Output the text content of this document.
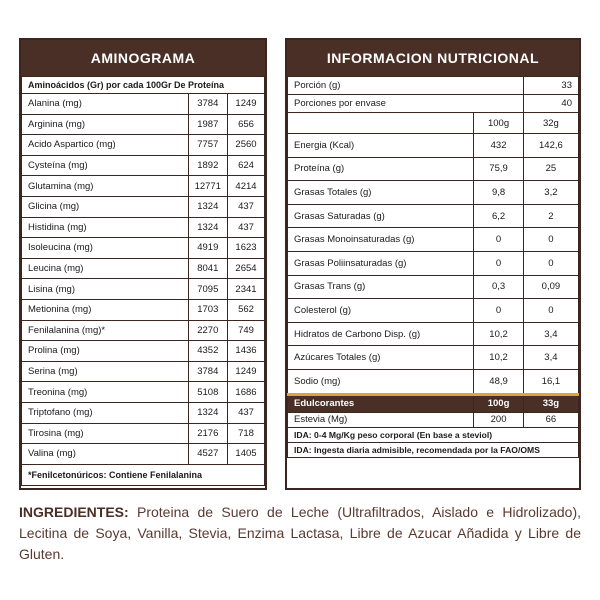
AMINOGRAMA
Aminoácidos (Gr) por cada 100Gr De Proteína		
Alanina (mg)	3784	1249
Arginina (mg)	1987	656
Acido Aspartico (mg)	7757	2560
Cysteína (mg)	1892	624
Glutamina (mg)	12771	4214
Glicina (mg)	1324	437
Histidina (mg)	1324	437
Isoleucina (mg)	4919	1623
Leucina (mg)	8041	2654
Lisina (mg)	7095	2341
Metionina (mg)	1703	562
Fenilalanina (mg)*	2270	749
Prolina (mg)	4352	1436
Serina (mg)	3784	1249
Treonina (mg)	5108	1686
Triptofano (mg)	1324	437
Tirosina (mg)	2176	718
Valina (mg)	4527	1405
*Fenilcetonúricos: Contiene Fenilalanina		
INFORMACION NUTRICIONAL
Porción (g)		33
Porciones por envase		40
	100g	32g
Energia (Kcal)	432	142,6
Proteína (g)	75,9	25
Grasas Totales (g)	9,8	3,2
Grasas Saturadas (g)	6,2	2
Grasas Monoinsaturadas (g)	0	0
Grasas Poliinsaturadas (g)	0	0
Grasas Trans (g)	0,3	0,09
Colesterol (g)	0	0
Hidratos de Carbono Disp. (g)	10,2	3,4
Azúcares Totales (g)	10,2	3,4
Sodio (mg)	48,9	16,1
Edulcorantes	100g	33g
Estevia (Mg)	200	66
IDA: 0-4 Mg/Kg peso corporal (En base a steviol)		
IDA: Ingesta diaria admisible, recomendada por la FAO/OMS		
INGREDIENTES: Proteina de Suero de Leche (Ultrafiltrados, Aislado e Hidrolizado), Lecitina de Soya, Vanilla, Stevia, Enzima Lactasa, Libre de Azucar Añadida y Libre de Gluten.
